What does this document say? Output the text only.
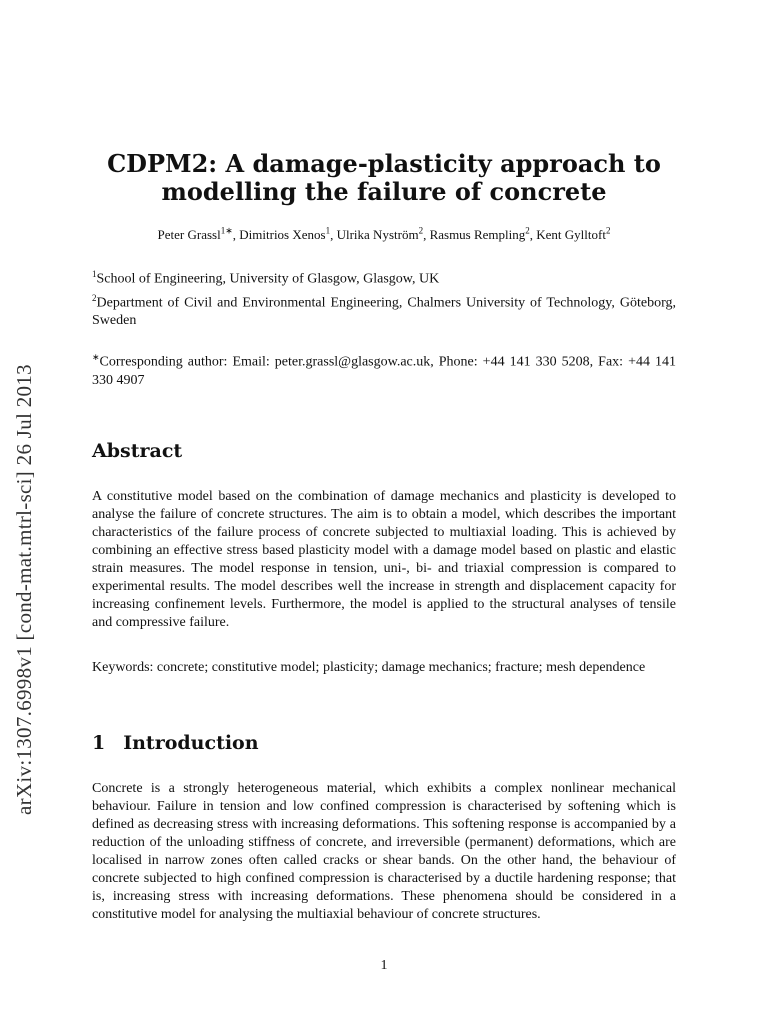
arXiv:1307.6998v1 [cond-mat.mtrl-sci] 26 Jul 2013
CDPM2: A damage-plasticity approach to
modelling the failure of concrete
Peter Grassl$^{1∗}$, Dimitrios Xenos$^1$, Ulrika Nyström$^2$, Rasmus Rempling$^2$, Kent Gylltoft$^2$
$^1$School of Engineering, University of Glasgow, Glasgow, UK
$^2$Department of Civil and Environmental Engineering, Chalmers University of Technology, Göteborg, Sweden
∗Corresponding author: Email: peter.grassl@glasgow.ac.uk, Phone: +44 141 330 5208, Fax: +44 141 330 4907
Abstract
A constitutive model based on the combination of damage mechanics and plasticity is developed to analyse the failure of concrete structures. The aim is to obtain a model, which describes the important characteristics of the failure process of concrete subjected to multiaxial loading. This is achieved by combining an effective stress based plasticity model with a damage model based on plastic and elastic strain measures. The model response in tension, uni-, bi- and triaxial compression is compared to experimental results. The model describes well the increase in strength and displacement capacity for increasing confinement levels. Furthermore, the model is applied to the structural analyses of tensile and compressive failure.
Keywords: concrete; constitutive model; plasticity; damage mechanics; fracture; mesh dependence
1 Introduction
Concrete is a strongly heterogeneous material, which exhibits a complex nonlinear mechanical behaviour. Failure in tension and low confined compression is characterised by softening which is defined as decreasing stress with increasing deformations. This softening response is accompanied by a reduction of the unloading stiffness of concrete, and irreversible (permanent) deformations, which are localised in narrow zones often called cracks or shear bands. On the other hand, the behaviour of concrete subjected to high confined compression is characterised by a ductile hardening response; that is, increasing stress with increasing deformations. These phenomena should be considered in a constitutive model for analysing the multiaxial behaviour of concrete structures.
1
